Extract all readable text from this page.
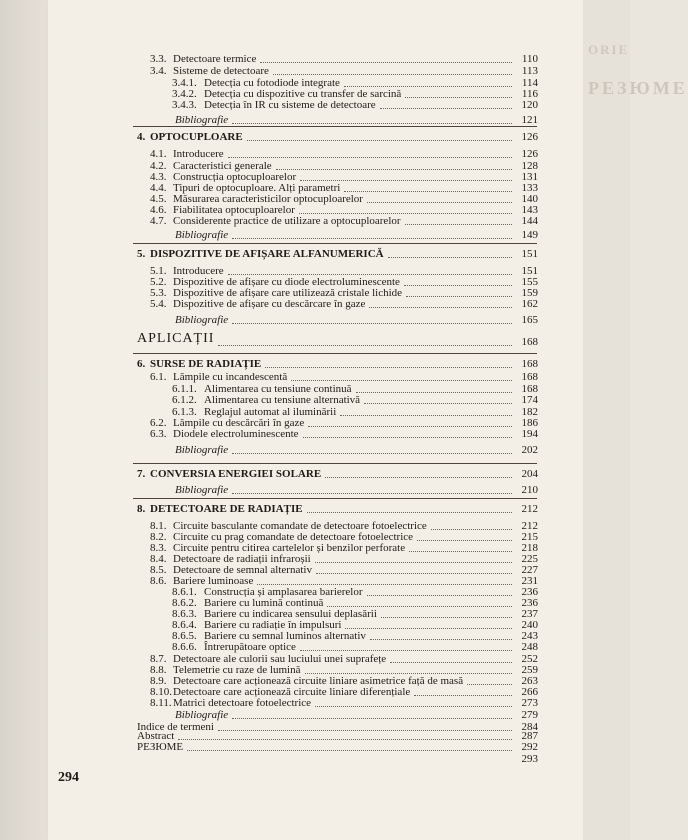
ORIE
PEЗЮМЕ
3.3. Detectoare termice	110
3.4. Sisteme de detectoare	113
3.4.1. Detecția cu fotodiode integrate	114
3.4.2. Detecția cu dispozitive cu transfer de sarcină	116
3.4.3. Detecția în IR cu sisteme de detectoare	120
Bibliografie	121
4. OPTOCUPLOARE	126
4.1. Introducere	126
4.2. Caracteristici generale	128
4.3. Construcția optocuploarelor	131
4.4. Tipuri de optocuploare. Alți parametri	133
4.5. Măsurarea caracteristicilor optocuploarelor	140
4.6. Fiabilitatea optocuploarelor	143
4.7. Considerente practice de utilizare a optocuploarelor	144
Bibliografie	149
5. DISPOZITIVE DE AFIȘARE ALFANUMERICĂ	151
5.1. Introducere	151
5.2. Dispozitive de afișare cu diode electroluminescente	155
5.3. Dispozitive de afișare care utilizează cristale lichide	159
5.4. Dispozitive de afișare cu descărcare în gaze	162
Bibliografie	165
APLICAȚII	168
6. SURSE DE RADIAȚIE	168
6.1. Lămpile cu incandescentă	168
6.1.1. Alimentarea cu tensiune continuă	168
6.1.2. Alimentarea cu tensiune alternativă	174
6.1.3. Reglajul automat al iluminării	182
6.2. Lămpile cu descărcări în gaze	186
6.3. Diodele electroluminescente	194
Bibliografie	202
7. CONVERSIA ENERGIEI SOLARE	204
Bibliografie	210
8. DETECTOARE DE RADIAȚIE	212
8.1. Circuite basculante comandate de detectoare fotoelectrice	212
8.2. Circuite cu prag comandate de detectoare fotoelectrice	215
8.3. Circuite pentru citirea cartelelor și benzilor perforate	218
8.4. Detectoare de radiații infraroșii	225
8.5. Detectoare de semnal alternativ	227
8.6. Bariere luminoase	231
8.6.1. Construcția și amplasarea barierelor	236
8.6.2. Bariere cu lumină continuă	236
8.6.3. Bariere cu indicarea sensului deplasării	237
8.6.4. Bariere cu radiație în impulsuri	240
8.6.5. Bariere cu semnal luminos alternativ	243
8.6.6. Întrerupătoare optice	248
8.7. Detectoare ale culorii sau luciului unei suprafețe	252
8.8. Telemetrie cu raze de lumină	259
8.9. Detectoare care acționează circuite liniare asimetrice față de masă	263
8.10.Detectoare care acționează circuite liniare diferențiale	266
8.11.Matrici detectoare fotoelectrice	273
Bibliografie	279
Indice de termeni	284
Abstract	287
PEЗЮМЕ	292
293
294
